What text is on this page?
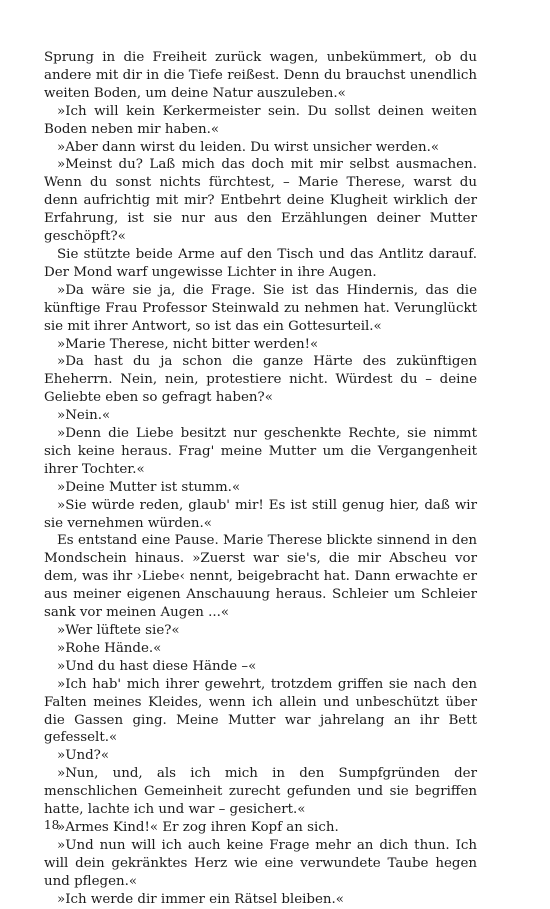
Sprung in die Freiheit zurück wagen, unbekümmert, ob du andere mit dir in die Tiefe reißest. Denn du brauchst unendlich weiten Boden, um deine Natur auszuleben.«

»Ich will kein Kerkermeister sein. Du sollst deinen weiten Boden neben mir haben.«

»Aber dann wirst du leiden. Du wirst unsicher werden.«

»Meinst du? Laß mich das doch mit mir selbst ausmachen. Wenn du sonst nichts fürchtest, – Marie Therese, warst du denn aufrichtig mit mir? Entbehrt deine Klugheit wirklich der Erfahrung, ist sie nur aus den Erzählungen deiner Mutter geschöpft?«

Sie stützte beide Arme auf den Tisch und das Antlitz darauf. Der Mond warf ungewisse Lichter in ihre Augen.

»Da wäre sie ja, die Frage. Sie ist das Hindernis, das die künftige Frau Professor Steinwald zu nehmen hat. Verunglückt sie mit ihrer Antwort, so ist das ein Gottesurteil.«

»Marie Therese, nicht bitter werden!«

»Da hast du ja schon die ganze Härte des zukünftigen Eheherrn. Nein, nein, protestiere nicht. Würdest du – deine Geliebte eben so gefragt haben?«

»Nein.«

»Denn die Liebe besitzt nur geschenkte Rechte, sie nimmt sich keine heraus. Frag' meine Mutter um die Vergangenheit ihrer Tochter.«

»Deine Mutter ist stumm.«

»Sie würde reden, glaub' mir! Es ist still genug hier, daß wir sie vernehmen würden.«

Es entstand eine Pause. Marie Therese blickte sinnend in den Mondschein hinaus. »Zuerst war sie's, die mir Abscheu vor dem, was ihr ›Liebe‹ nennt, beigebracht hat. Dann erwachte er aus meiner eigenen Anschauung heraus. Schleier um Schleier sank vor meinen Augen ...«

»Wer lüftete sie?«

»Rohe Hände.«

»Und du hast diese Hände –«

»Ich hab' mich ihrer gewehrt, trotzdem griffen sie nach den Falten meines Kleides, wenn ich allein und unbeschützt über die Gassen ging. Meine Mutter war jahrelang an ihr Bett gefesselt.«

»Und?«

»Nun, und, als ich mich in den Sumpfgründen der menschlichen Gemeinheit zurecht gefunden und sie begriffen hatte, lachte ich und war – gesichert.«

»Armes Kind!« Er zog ihren Kopf an sich.

»Und nun will ich auch keine Frage mehr an dich thun. Ich will dein gekränktes Herz wie eine verwundete Taube hegen und pflegen.«

»Ich werde dir immer ein Rätsel bleiben.«

18
